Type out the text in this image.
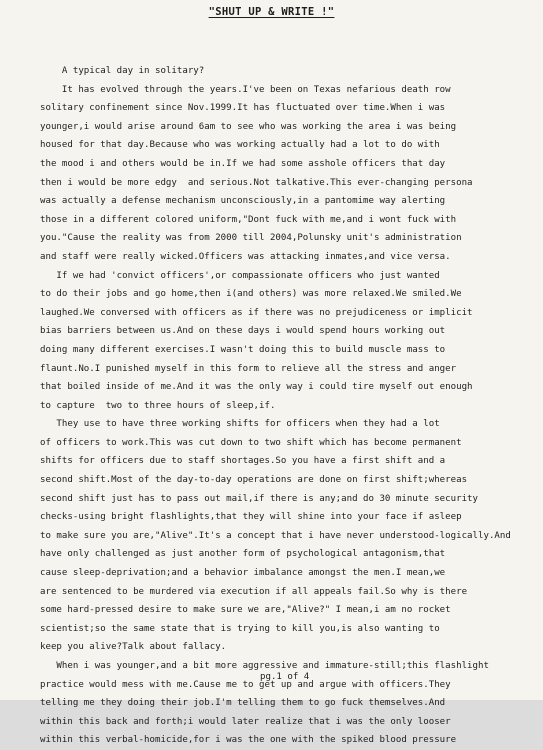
"SHUT UP & WRITE !"
A typical day in solitary?
It has evolved through the years.I've been on Texas nefarious death row
solitary confinement since Nov.1999.It has fluctuated over time.When i was
younger,i would arise around 6am to see who was working the area i was being
housed for that day.Because who was working actually had a lot to do with
the mood i and others would be in.If we had some asshole officers that day
then i would be more edgy  and serious.Not talkative.This ever-changing persona
was actually a defense mechanism unconsciously,in a pantomime way alerting
those in a different colored uniform,"Dont fuck with me,and i wont fuck with
you."Cause the reality was from 2000 till 2004,Polunsky unit's administration
and staff were really wicked.Officers was attacking inmates,and vice versa.
If we had 'convict officers',or compassionate officers who just wanted
to do their jobs and go home,then i(and others) was more relaxed.We smiled.We
laughed.We conversed with officers as if there was no prejudiceness or implicit
bias barriers between us.And on these days i would spend hours working out
doing many different exercises.I wasn't doing this to build muscle mass to
flaunt.No.I punished myself in this form to relieve all the stress and anger
that boiled inside of me.And it was the only way i could tire myself out enough
to capture  two to three hours of sleep,if.
They use to have three working shifts for officers when they had a lot
of officers to work.This was cut down to two shift which has become permanent
shifts for officers due to staff shortages.So you have a first shift and a
second shift.Most of the day-to-day operations are done on first shift;whereas
second shift just has to pass out mail,if there is any;and do 30 minute security
checks-using bright flashlights,that they will shine into your face if asleep
to make sure you are,"Alive".It's a concept that i have never understood-logically.And
have only challenged as just another form of psychological antagonism,that
cause sleep-deprivation;and a behavior imbalance amongst the men.I mean,we
are sentenced to be murdered via execution if all appeals fail.So why is there
some hard-pressed desire to make sure we are,"Alive?" I mean,i am no rocket
scientist;so the same state that is trying to kill you,is also wanting to
keep you alive?Talk about fallacy.
When i was younger,and a bit more aggressive and immature-still;this flashlight
practice would mess with me.Cause me to get up and argue with officers.They
telling me they doing their job.I'm telling them to go fuck themselves.And
within this back and forth;i would later realize that i was the only looser
within this verbal-homicide,for i was the one with the spiked blood pressure
pg.1 of 4
